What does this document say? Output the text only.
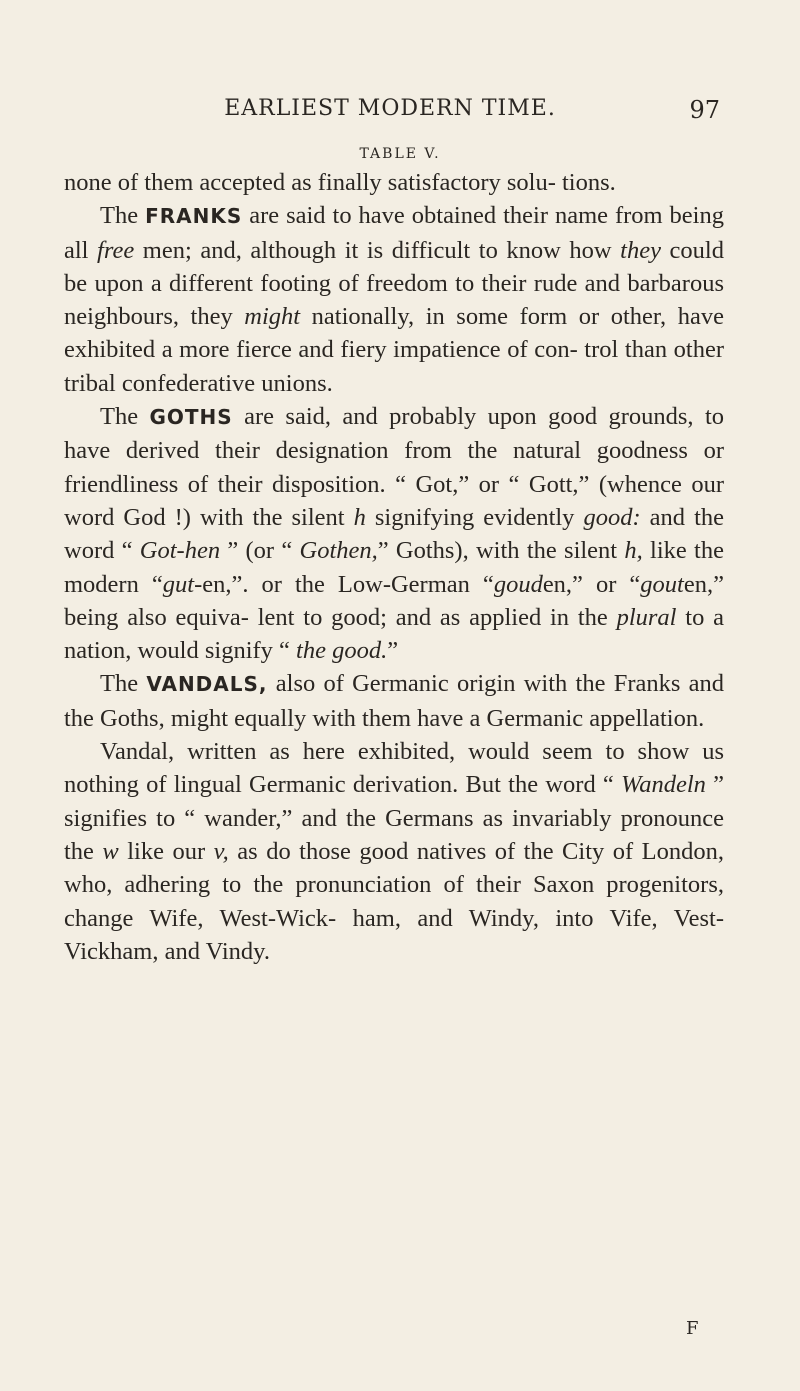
EARLIEST MODERN TIME.	97
TABLE V.

none of them accepted as finally satisfactory solu- tions.

The FRANKS are said to have obtained their name from being all free men; and, although it is difficult to know how they could be upon a different footing of freedom to their rude and barbarous neighbours, they might nationally, in some form or other, have exhibited a more fierce and fiery impatience of con- trol than other tribal confederative unions.

The GOTHS are said, and probably upon good grounds, to have derived their designation from the natural goodness or friendliness of their disposition. “ Got,” or “ Gott,” (whence our word God !) with the silent h signifying evidently good: and the word “ Got-hen ” (or “ Gothen,” Goths), with the silent h, like the modern “gut-en,”. or the Low-German “gouden,” or “gouten,” being also equiva- lent to good; and as applied in the plural to a nation, would signify “ the good.”

The VANDALS, also of Germanic origin with the Franks and the Goths, might equally with them have a Germanic appellation.

Vandal, written as here exhibited, would seem to show us nothing of lingual Germanic derivation. But the word “ Wandeln ” signifies to “ wander,” and the Germans as invariably pronounce the w like our v, as do those good natives of the City of London, who, adhering to the pronunciation of their Saxon progenitors, change Wife, West-Wick- ham, and Windy, into Vife, Vest-Vickham, and Vindy.

F
